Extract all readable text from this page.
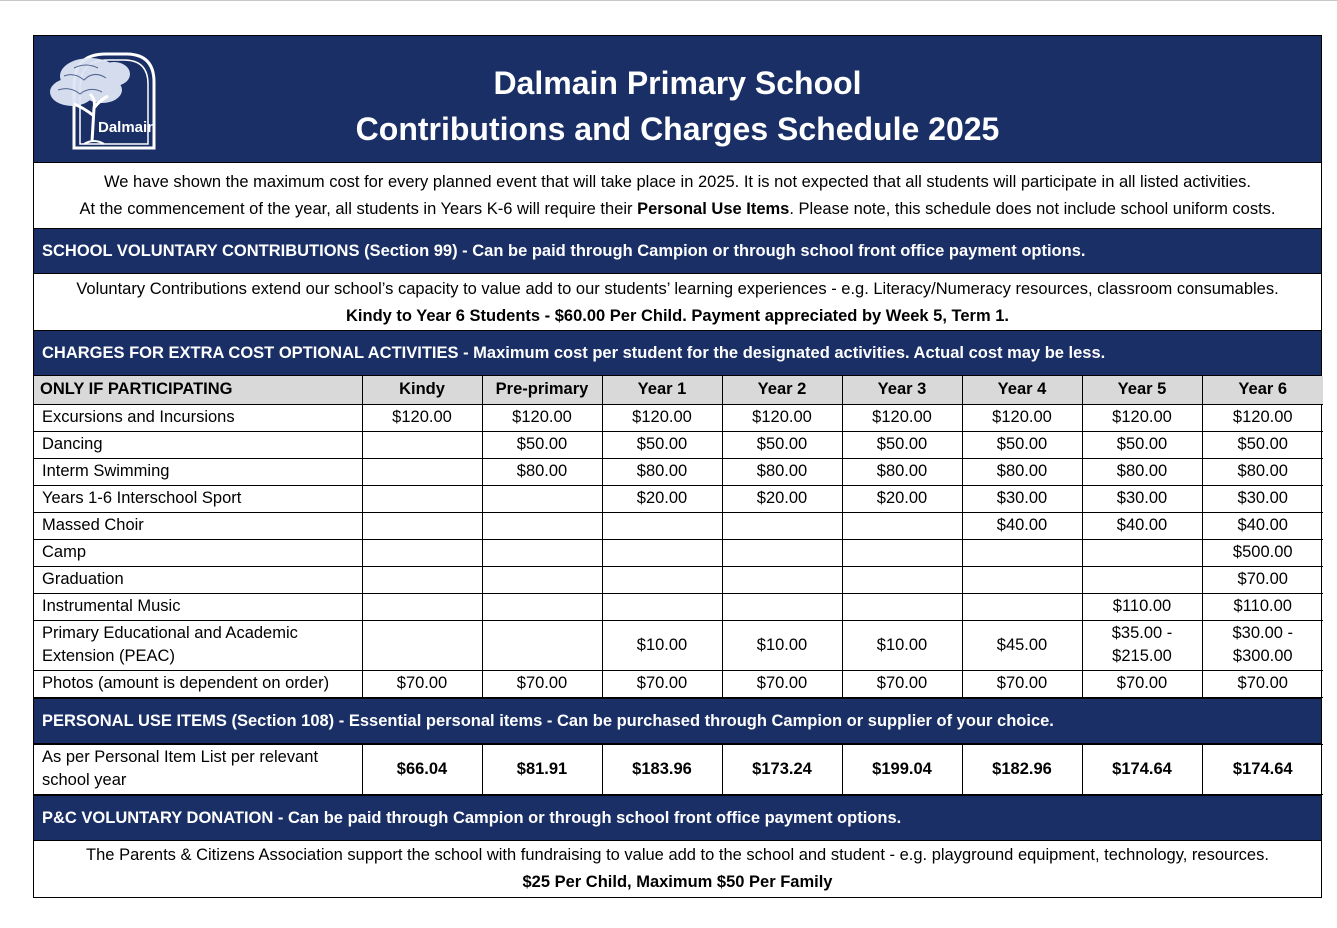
Dalmain
Dalmain Primary School
Contributions and Charges Schedule 2025
We have shown the maximum cost for every planned event that will take place in 2025. It is not expected that all students will participate in all listed activities.
At the commencement of the year, all students in Years K-6 will require their Personal Use Items. Please note, this schedule does not include school uniform costs.
SCHOOL VOLUNTARY CONTRIBUTIONS (Section 99) - Can be paid through Campion or through school front office payment options.
Voluntary Contributions extend our school’s capacity to value add to our students’ learning experiences - e.g. Literacy/Numeracy resources, classroom consumables.
Kindy to Year 6 Students - $60.00 Per Child. Payment appreciated by Week 5, Term 1.
CHARGES FOR EXTRA COST OPTIONAL ACTIVITIES - Maximum cost per student for the designated activities. Actual cost may be less.
ONLY IF PARTICIPATING	Kindy	Pre-primary	Year 1	Year 2	Year 3	Year 4	Year 5	Year 6
Excursions and Incursions	$120.00	$120.00	$120.00	$120.00	$120.00	$120.00	$120.00	$120.00
Dancing		$50.00	$50.00	$50.00	$50.00	$50.00	$50.00	$50.00
Interm Swimming		$80.00	$80.00	$80.00	$80.00	$80.00	$80.00	$80.00
Years 1-6 Interschool Sport			$20.00	$20.00	$20.00	$30.00	$30.00	$30.00
Massed Choir						$40.00	$40.00	$40.00
Camp								$500.00
Graduation								$70.00
Instrumental Music							$110.00	$110.00
Primary Educational and Academic Extension (PEAC)			$10.00	$10.00	$10.00	$45.00	$35.00 - $215.00	$30.00 - $300.00
Photos (amount is dependent on order)	$70.00	$70.00	$70.00	$70.00	$70.00	$70.00	$70.00	$70.00
PERSONAL USE ITEMS (Section 108) - Essential personal items - Can be purchased through Campion or supplier of your choice.
As per Personal Item List per relevant school year	$66.04	$81.91	$183.96	$173.24	$199.04	$182.96	$174.64	$174.64
P&C VOLUNTARY DONATION - Can be paid through Campion or through school front office payment options.
The Parents & Citizens Association support the school with fundraising to value add to the school and student - e.g. playground equipment, technology, resources.
$25 Per Child, Maximum $50 Per Family
